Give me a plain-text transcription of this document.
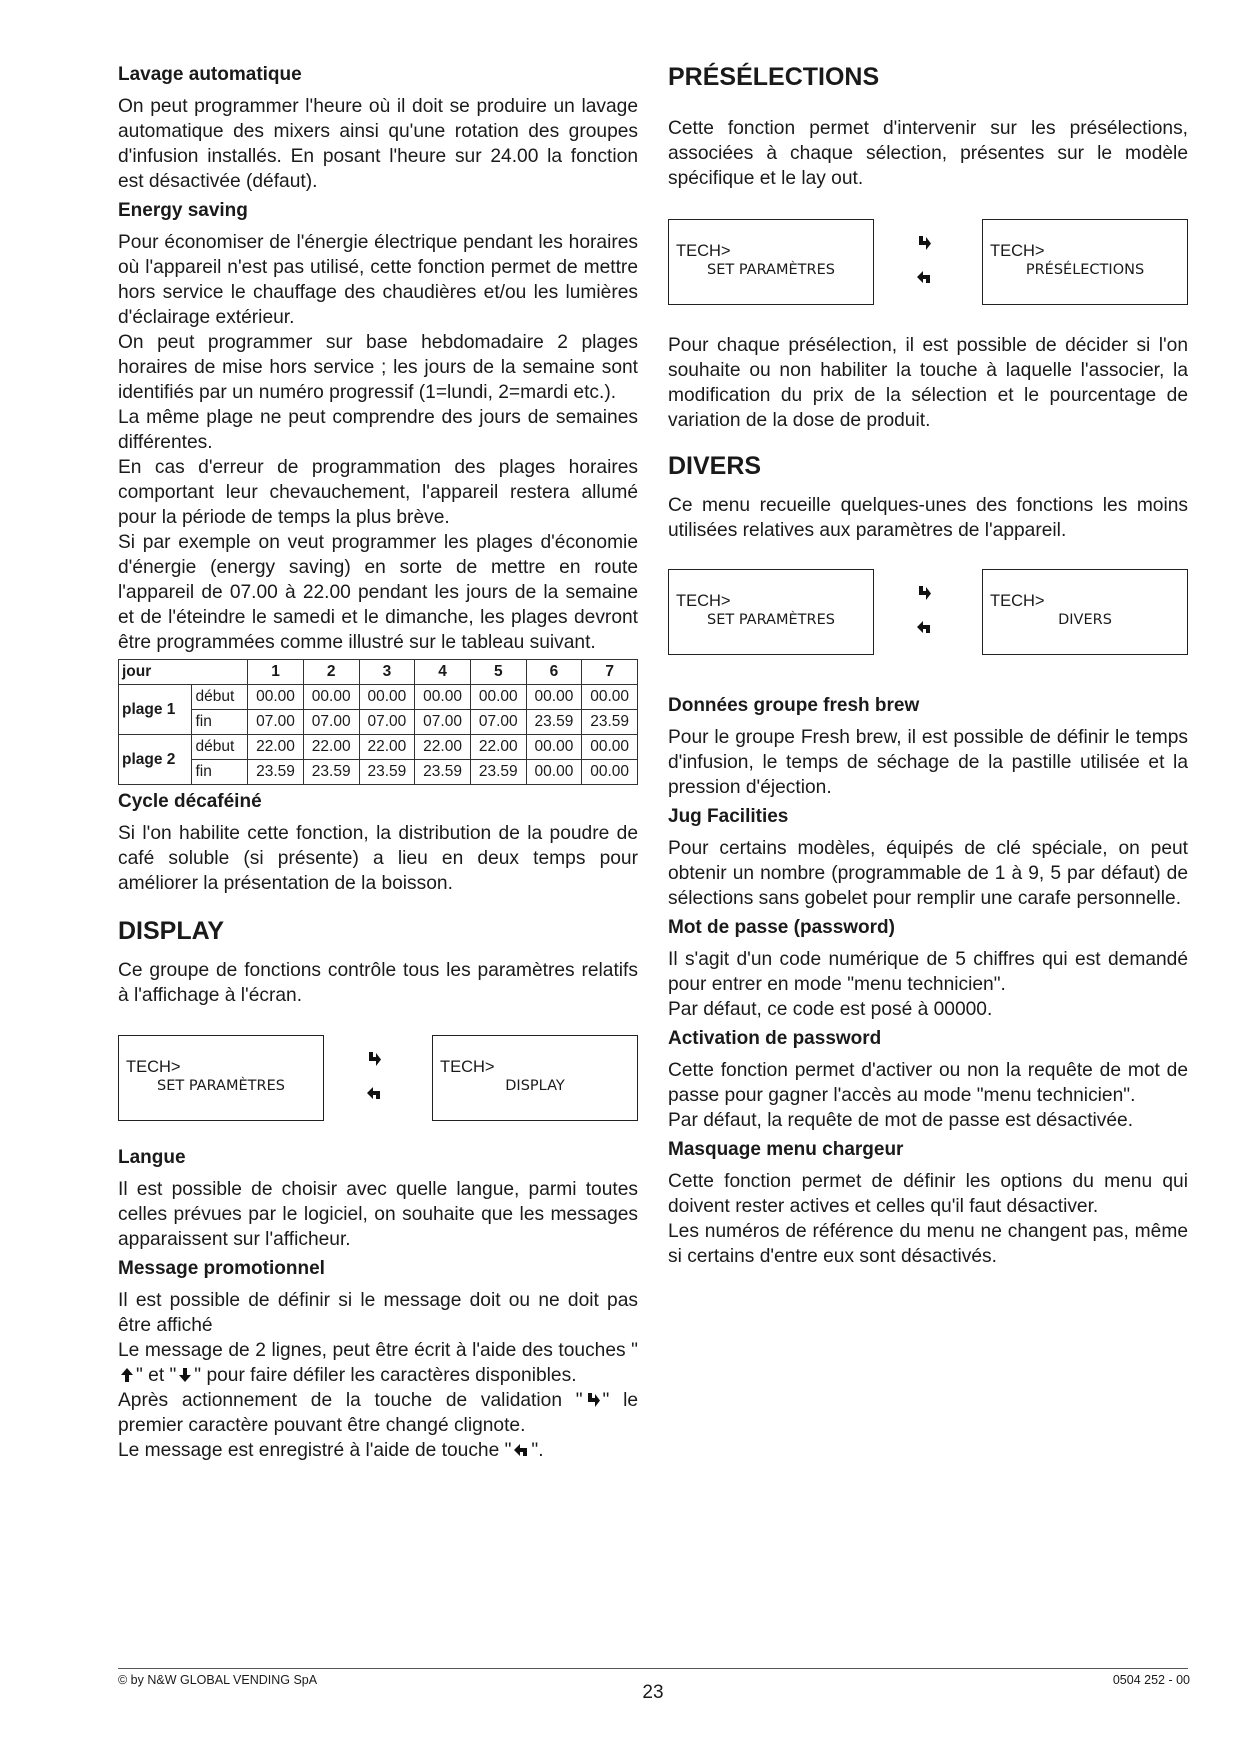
Lavage automatique

On peut programmer l'heure où il doit se produire un lavage automatique des mixers ainsi qu'une rotation des groupes d'infusion installés. En posant l'heure sur 24.00 la fonction est désactivée (défaut).

Energy saving

Pour économiser de l'énergie électrique pendant les horaires où l'appareil n'est pas utilisé, cette fonction permet de mettre hors service le chauffage des chaudières et/ou les lumières d'éclairage extérieur.

On peut programmer sur base hebdomadaire 2 plages horaires de mise hors service ; les jours de la semaine sont identifiés par un numéro progressif (1=lundi, 2=mardi etc.).

La même plage ne peut comprendre des jours de semaines différentes.

En cas d'erreur de programmation des plages horaires comportant leur chevauchement, l'appareil restera allumé pour la période de temps la plus brève.

Si par exemple on veut programmer les plages d'économie d'énergie (energy saving) en sorte de mettre en route l'appareil de 07.00 à 22.00 pendant les jours de la semaine et de l'éteindre le samedi et le dimanche, les plages devront être programmées comme illustré sur le tableau suivant.

jour		1	2	3	4	5	6	7
plage 1	début	00.00	00.00	00.00	00.00	00.00	00.00	00.00
	fin	07.00	07.00	07.00	07.00	07.00	23.59	23.59
plage 2	début	22.00	22.00	22.00	22.00	22.00	00.00	00.00
	fin	23.59	23.59	23.59	23.59	23.59	00.00	00.00
Cycle décaféiné

Si l'on habilite cette fonction, la distribution de la poudre de café soluble (si présente) a lieu en deux temps pour améliorer la présentation de la boisson.

DISPLAY

Ce groupe de fonctions contrôle tous les paramètres relatifs à l'affichage à l'écran.

TECH>
SET PARAMÈTRES
TECH>
DISPLAY
Langue

Il est possible de choisir avec quelle langue, parmi toutes celles prévues par le logiciel, on souhaite que les messages apparaissent sur l'afficheur.

Message promotionnel

Il est possible de définir si le message doit ou ne doit pas être affiché

Le message de 2 lignes, peut être écrit à l'aide des touches "" et " " pour faire défiler les caractères disponibles.

Après actionnement de la touche de validation " " le premier caractère pouvant être changé clignote.

Le message est enregistré à l'aide de touche " ".

PRÉSÉLECTIONS

Cette fonction permet d'intervenir sur les présélections, associées à chaque sélection, présentes sur le modèle spécifique et le lay out.

TECH>
SET PARAMÈTRES
TECH>
PRÉSÉLECTIONS

Pour chaque présélection, il est possible de décider si l'on souhaite ou non habiliter la touche à laquelle l'associer, la modification du prix de la sélection et le pourcentage de variation de la dose de produit.

DIVERS

Ce menu recueille quelques-unes des fonctions les moins utilisées relatives aux paramètres de l'appareil.

TECH>
SET PARAMÈTRES
TECH>
DIVERS
Données groupe fresh brew

Pour le groupe Fresh brew, il est possible de définir le temps d'infusion, le temps de séchage de la pastille utilisée et la pression d'éjection.

Jug Facilities

Pour certains modèles, équipés de clé spéciale, on peut obtenir un nombre (programmable de 1 à 9, 5 par défaut) de sélections sans gobelet pour remplir une carafe personnelle.

Mot de passe (password)

Il s'agit d'un code numérique de 5 chiffres qui est demandé pour entrer en mode "menu technicien".

Par défaut, ce code est posé à 00000.

Activation de password

Cette fonction permet d'activer ou non la requête de mot de passe pour gagner l'accès au mode "menu technicien".

Par défaut, la requête de mot de passe est désactivée.

Masquage menu chargeur

Cette fonction permet de définir les options du menu qui doivent rester actives et celles qu'il faut désactiver.

Les numéros de référence du menu ne changent pas, même si certains d'entre eux sont désactivés.

© by N&W GLOBAL VENDING SpA
23
0504 252 - 00
